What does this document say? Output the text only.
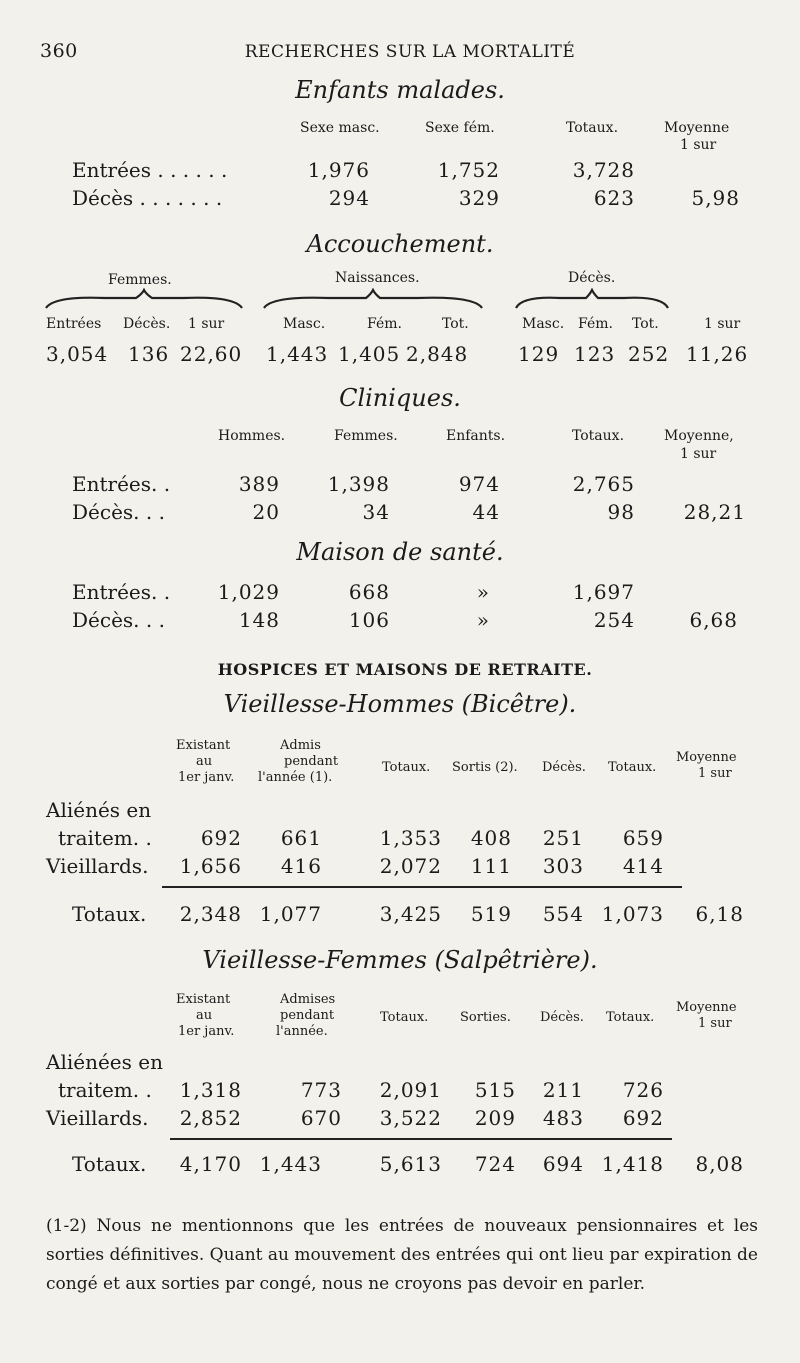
360	RECHERCHES SUR LA MORTALITÉ
Enfants malades.
Sexe masc.	Sexe fém.	Totaux.	Moyenne
1 sur
Entrées . . . . . .	1,976	1,752	3,728
Décès . . . . . . .	294	329	623	5,98
Accouchement.
Femmes.	Naissances.	Décès.
Entrées Décès. 1 sur	Masc.	Fém.	Tot.	Masc. Fém. Tot.	1 sur
3,054 136 22,60 1,443 1,405 2,848 129 123 252 11,26
Cliniques.
Hommes.	Femmes.	Enfants.	Totaux.	Moyenne,
1 sur
Entrées. .	389	1,398	974	2,765
Décès. . .	20	34	44	98	28,21
Maison de santé.
Entrées. .	1,029	668	»	1,697
Décès. . .	148	106	»	254	6,68
HOSPICES ET MAISONS DE RETRAITE.
Vieillesse-Hommes (Bicêtre).
Existant
au
1er janv.
Admis
pendant
l'année (1).
Totaux. Sortis (2). Décès. Totaux.
Moyenne
1 sur
Aliénés en
traitem. .	692	661	1,353	408	251	659
Vieillards.	1,656	416	2,072	111	303	414
Totaux.	2,348 1,077	3,425	519	554 1,073	6,18
Vieillesse-Femmes (Salpêtrière).
Existant
au
1er janv.
Admises
pendant
l'année.
Totaux. Sorties. Décès. Totaux.
Moyenne
1 sur
Aliénées en
traitem. .	1,318	773	2,091	515	211	726
Vieillards.	2,852	670	3,522	209	483	692
Totaux.	4,170 1,443	5,613	724	694 1,418	8,08
(1-2) Nous ne mentionnons que les entrées de nouveaux pensionnaires et les sorties définitives. Quant au mouvement des entrées qui ont lieu par expiration de congé et aux sorties par congé, nous ne croyons pas devoir en parler.
